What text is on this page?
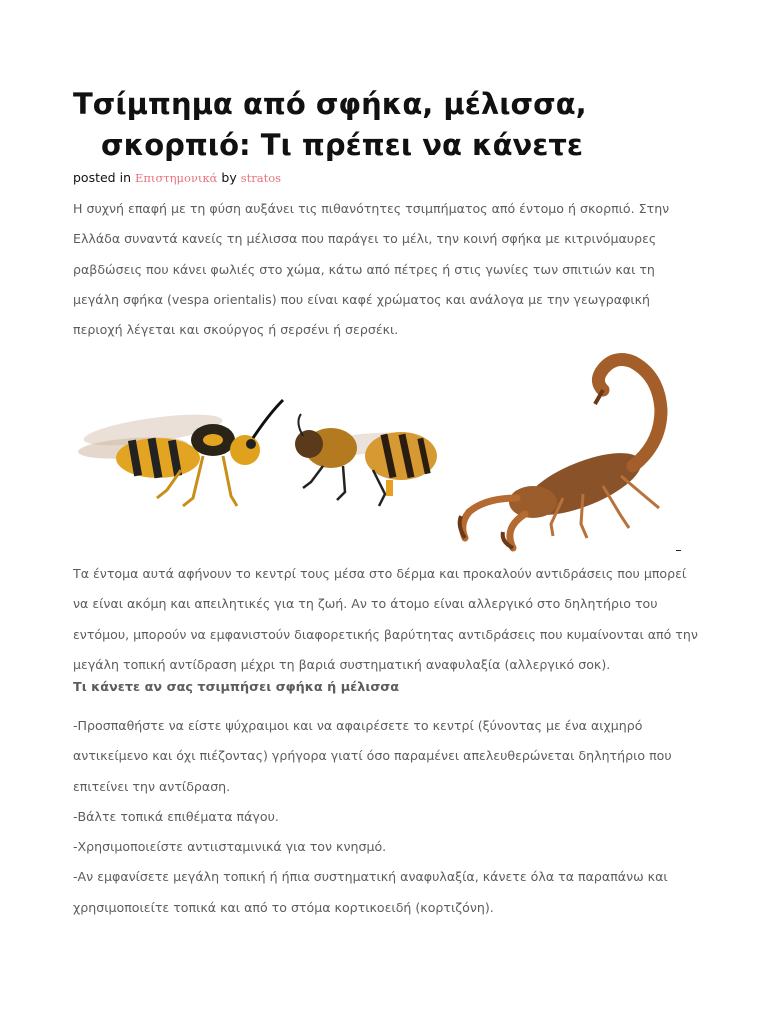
Τσίμπημα από σφήκα, μέλισσα,
σκορπιό: Τι πρέπει να κάνετε
posted in Επιστημονικά by stratos

Η συχνή επαφή με τη φύση αυξάνει τις πιθανότητες τσιμπήματος από έντομο ή σκορπιό. Στην Ελλάδα συναντά κανείς τη μέλισσα που παράγει το μέλι, την κοινή σφήκα με κιτρινόμαυρες ραβδώσεις που κάνει φωλιές στο χώμα, κάτω από πέτρες ή στις γωνίες των σπιτιών και τη μεγάλη σφήκα (vespa orientalis) που είναι καφέ χρώματος και ανάλογα με την γεωγραφική περιοχή λέγεται και σκούργος ή σερσένι ή σερσέκι.

Τα έντομα αυτά αφήνουν το κεντρί τους μέσα στο δέρμα και προκαλούν αντιδράσεις που μπορεί να είναι ακόμη και απειλητικές για τη ζωή. Αν το άτομο είναι αλλεργικό στο δηλητήριο του εντόμου, μπορούν να εμφανιστούν διαφορετικής βαρύτητας αντιδράσεις που κυμαίνονται από την μεγάλη τοπική αντίδραση μέχρι τη βαριά συστηματική αναφυλαξία (αλλεργικό σοκ).

Τι κάνετε αν σας τσιμπήσει σφήκα ή μέλισσα
-Προσπαθήστε να είστε ψύχραιμοι και να αφαιρέσετε το κεντρί (ξύνοντας με ένα αιχμηρό αντικείμενο και όχι πιέζοντας) γρήγορα γιατί όσο παραμένει απελευθερώνεται δηλητήριο που επιτείνει την αντίδραση.
-Βάλτε τοπικά επιθέματα πάγου.
-Χρησιμοποιείστε αντιισταμινικά για τον κνησμό.
-Αν εμφανίσετε μεγάλη τοπική ή ήπια συστηματική αναφυλαξία, κάνετε όλα τα παραπάνω και χρησιμοποιείτε τοπικά και από το στόμα κορτικοειδή (κορτιζόνη).
